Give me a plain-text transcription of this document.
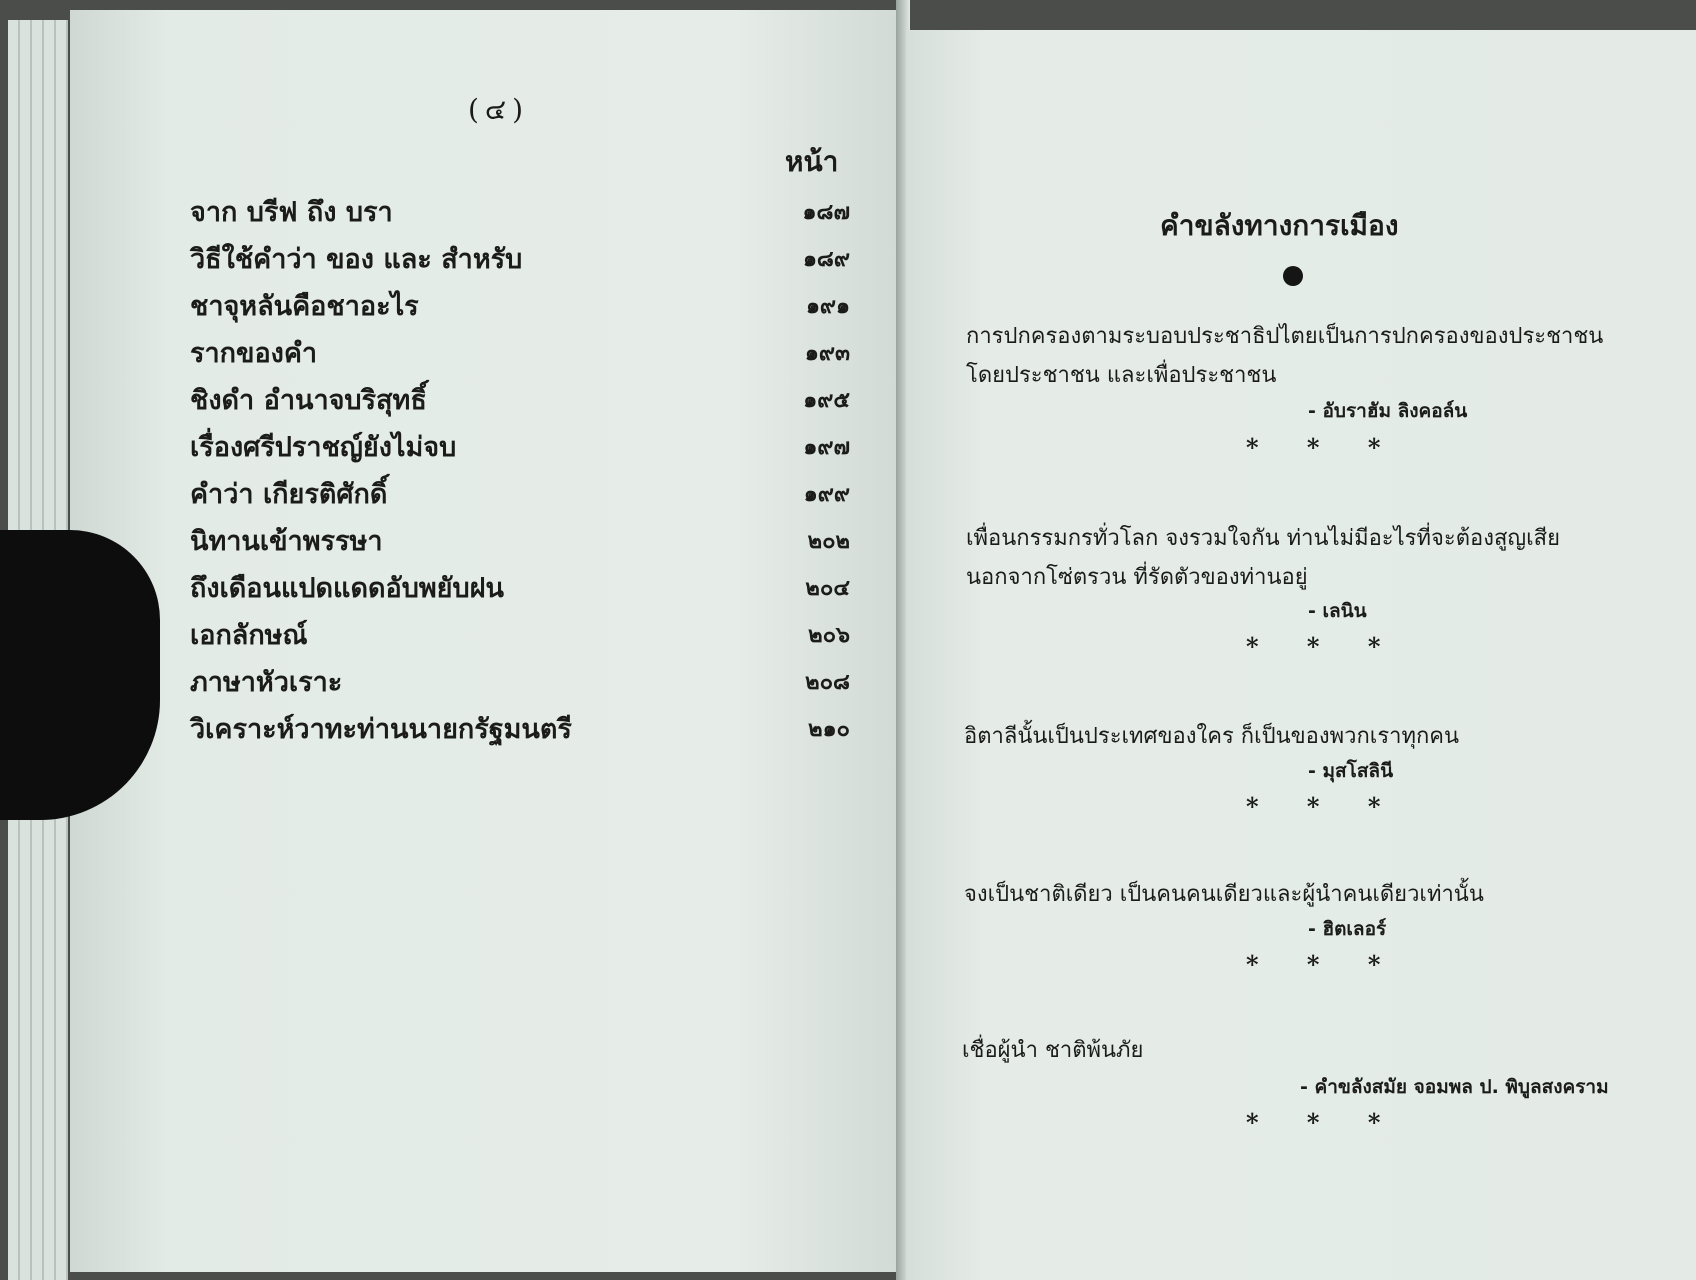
(๔)
หน้า
จาก บรีฟ ถึง บรา	๑๘๗
วิธีใช้คำว่า ของ และ สำหรับ	๑๘๙
ชาจุหลันคือชาอะไร	๑๙๑
รากของคำ	๑๙๓
ชิงดำ อำนาจบริสุทธิ์	๑๙๕
เรื่องศรีปราชญ์ยังไม่จบ	๑๙๗
คำว่า เกียรติศักดิ์	๑๙๙
นิทานเข้าพรรษา	๒๐๒
ถึงเดือนแปดแดดอับพยับฝน	๒๐๔
เอกลักษณ์	๒๐๖
ภาษาหัวเราะ	๒๐๘
วิเคราะห์วาทะท่านนายกรัฐมนตรี	๒๑๐
คำขลังทางการเมือง
การปกครองตามระบอบประชาธิปไตยเป็นการปกครองของประชาชน
โดยประชาชน และเพื่อประชาชน
- อับราฮัม ลิงคอล์น
* * *
เพื่อนกรรมกรทั่วโลก จงรวมใจกัน ท่านไม่มีอะไรที่จะต้องสูญเสีย
นอกจากโซ่ตรวน ที่รัดตัวของท่านอยู่
- เลนิน
* * *
อิตาลีนั้นเป็นประเทศของใคร ก็เป็นของพวกเราทุกคน
- มุสโสลินี
* * *
จงเป็นชาติเดียว เป็นคนคนเดียวและผู้นำคนเดียวเท่านั้น
- ฮิตเลอร์
* * *
เชื่อผู้นำ ชาติพ้นภัย
- คำขลังสมัย จอมพล ป. พิบูลสงคราม
* * *
